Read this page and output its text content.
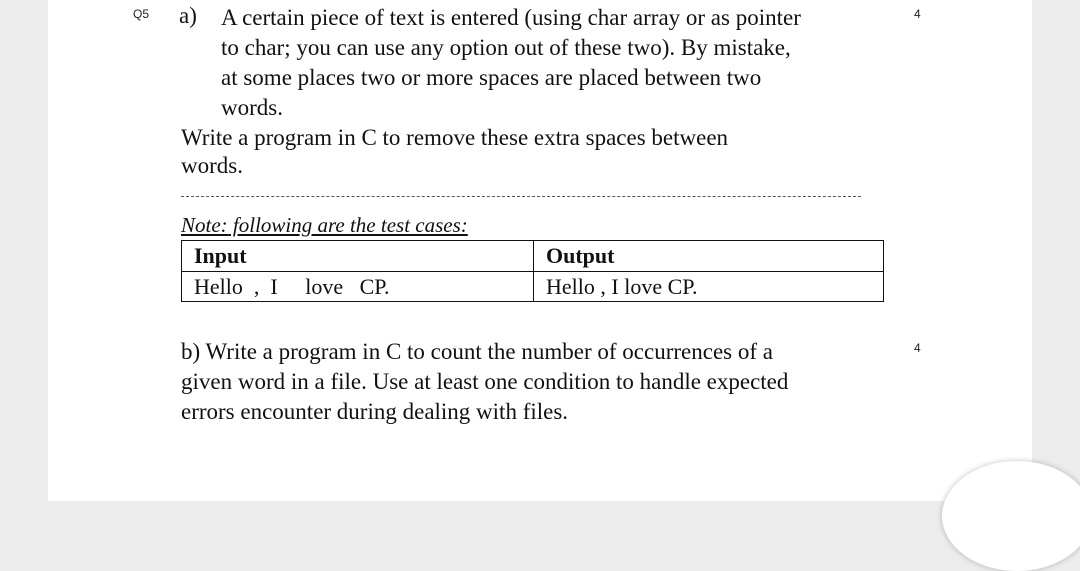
Q5 a)	4

A certain piece of text is entered (using char array or as pointer
to char; you can use any option out of these two). By mistake,
at some places two or more spaces are placed between two
words.

Write a program in C to remove these extra spaces between
words.

Note: following are the test cases:
Input	Output
Hello  ,  I     love   CP.	Hello , I love CP.
4

b) Write a program in C to count the number of occurrences of a
given word in a file. Use at least one condition to handle expected
errors encounter during dealing with files.
